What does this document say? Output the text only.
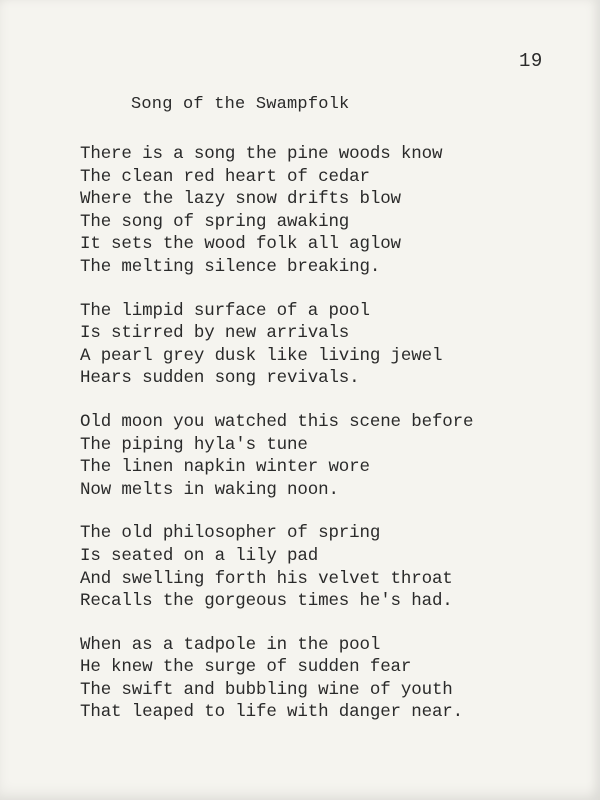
19
Song of the Swampfolk
There is a song the pine woods know
The clean red heart of cedar
Where the lazy snow drifts blow
The song of spring awaking
It sets the wood folk all aglow
The melting silence breaking.
The limpid surface of a pool
Is stirred by new arrivals
A pearl grey dusk like living jewel
Hears sudden song revivals.
Old moon you watched this scene before
The piping hyla's tune
The linen napkin winter wore
Now melts in waking noon.
The old philosopher of spring
Is seated on a lily pad
And swelling forth his velvet throat
Recalls the gorgeous times he's had.
When as a tadpole in the pool
He knew the surge of sudden fear
The swift and bubbling wine of youth
That leaped to life with danger near.
